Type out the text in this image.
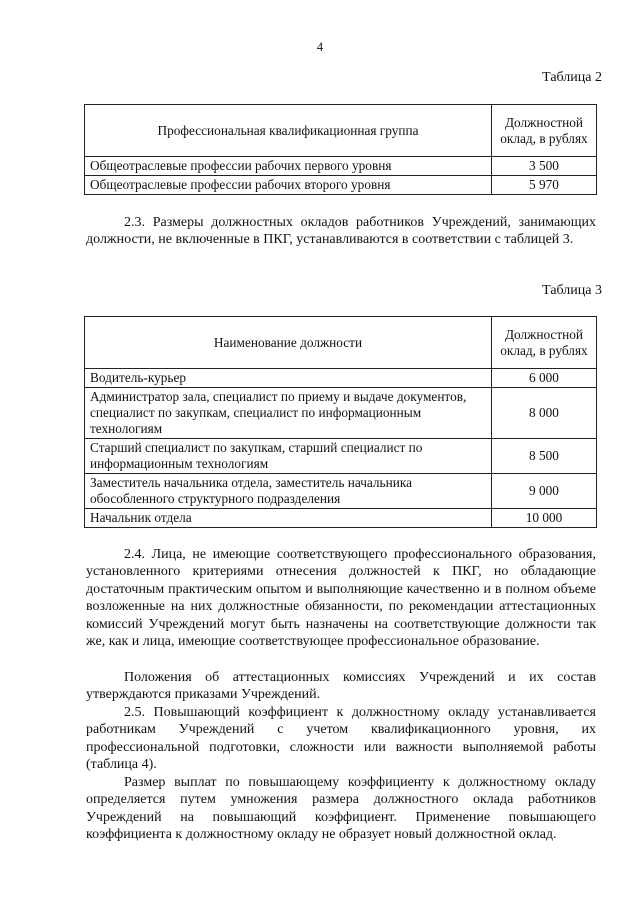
4
Таблица 2
Профессиональная квалификационная группа	Должностной оклад, в рублях
Общеотраслевые профессии рабочих первого уровня	3 500
Общеотраслевые профессии рабочих второго уровня	5 970

2.3. Размеры должностных окладов работников Учреждений, занимающих должности, не включенные в ПКГ, устанавливаются в соответствии с таблицей 3.

Таблица 3
Наименование должности	Должностной оклад, в рублях
Водитель-курьер	6 000
Администратор зала, специалист по приему и выдаче документов, специалист по закупкам, специалист по информационным технологиям	8 000
Старший специалист по закупкам, старший специалист по информационным технологиям	8 500
Заместитель начальника отдела, заместитель начальника обособленного структурного подразделения	9 000
Начальник отдела	10 000

2.4. Лица, не имеющие соответствующего профессионального образования, установленного критериями отнесения должностей к ПКГ, но обладающие достаточным практическим опытом и выполняющие качественно и в полном объеме возложенные на них должностные обязанности, по рекомендации аттестационных комиссий Учреждений могут быть назначены на соответствующие должности так же, как и лица, имеющие соответствующее профессиональное образование.

Положения об аттестационных комиссиях Учреждений и их состав утверждаются приказами Учреждений.

2.5. Повышающий коэффициент к должностному окладу устанавливается работникам Учреждений с учетом квалификационного уровня, их профессиональной подготовки, сложности или важности выполняемой работы (таблица 4).

Размер выплат по повышающему коэффициенту к должностному окладу определяется путем умножения размера должностного оклада работников Учреждений на повышающий коэффициент. Применение повышающего коэффициента к должностному окладу не образует новый должностной оклад.
